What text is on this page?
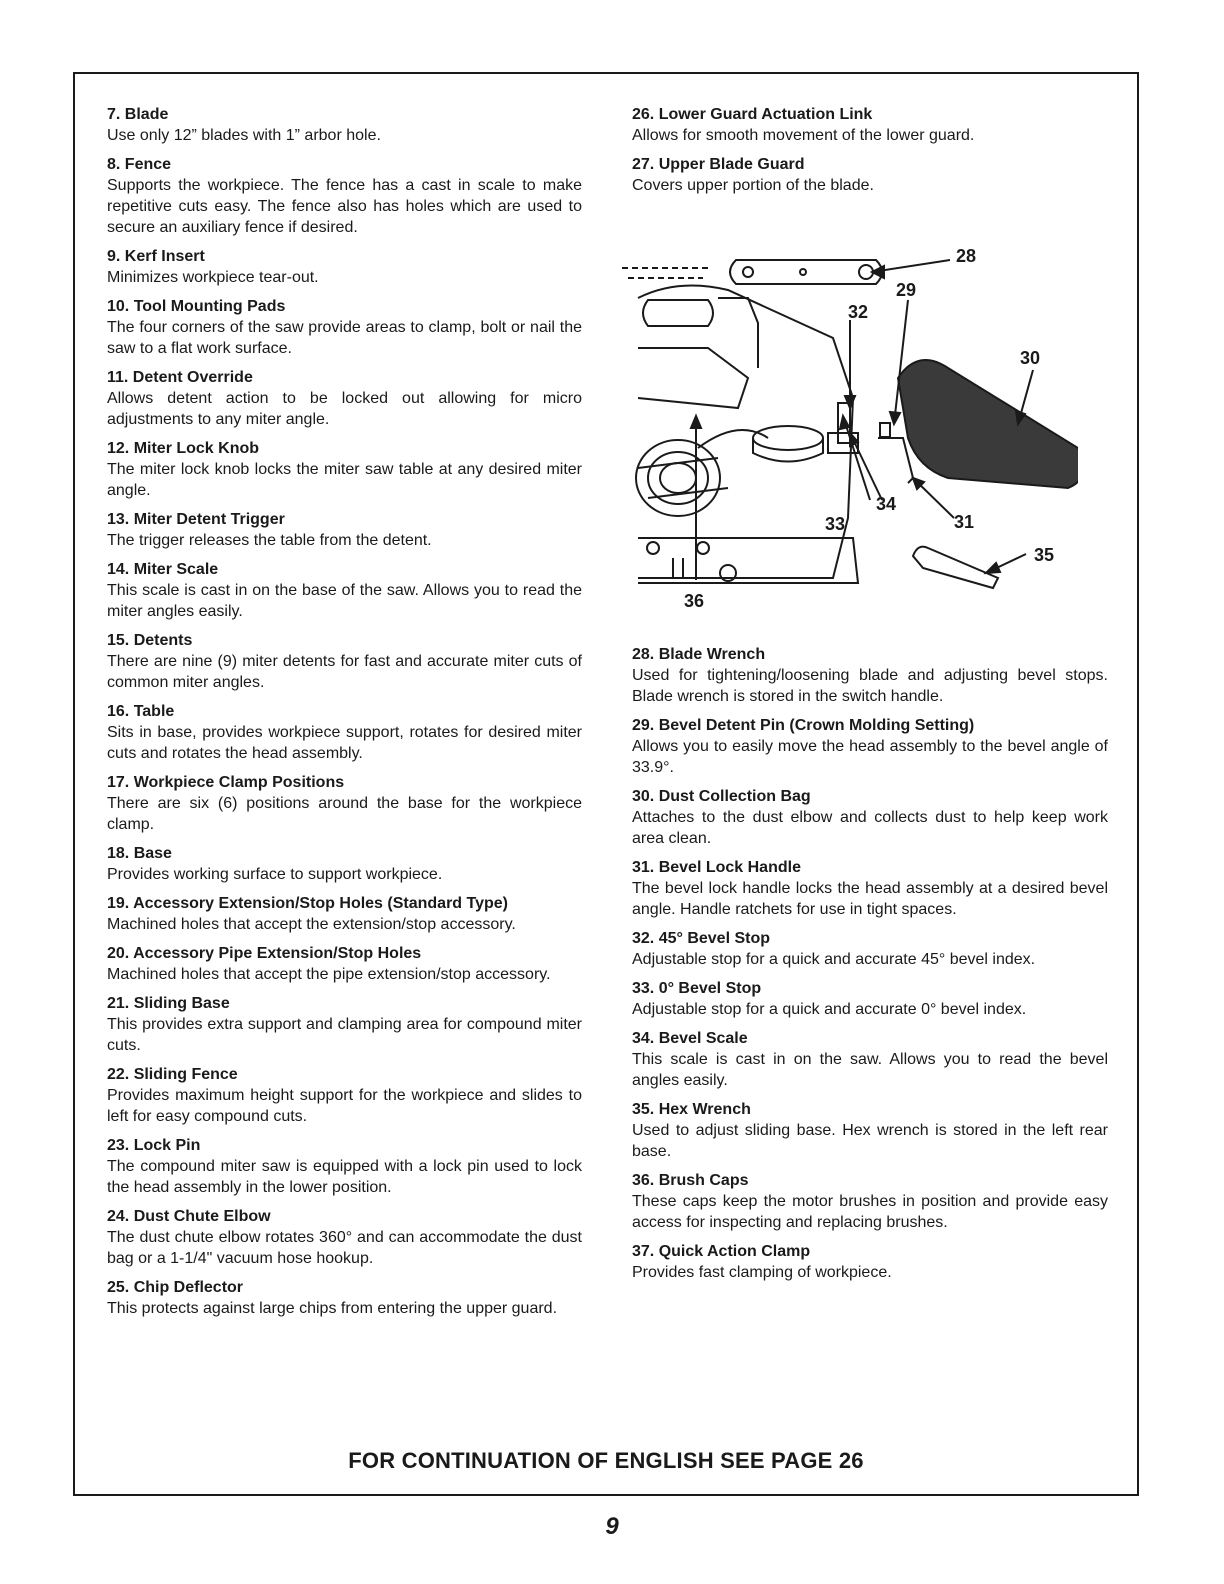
7. Blade

Use only 12” blades with 1” arbor hole.

8. Fence

Supports the workpiece. The fence has a cast in scale to make repetitive cuts easy. The fence also has holes which are used to secure an auxiliary fence if desired.

9. Kerf Insert

Minimizes workpiece tear-out.

10. Tool Mounting Pads

The four corners of the saw provide areas to clamp, bolt or nail the saw to a flat work surface.

11. Detent Override

Allows detent action to be locked out allowing for micro adjustments to any miter angle.

12. Miter Lock Knob

The miter lock knob locks the miter saw table at any desired miter angle.

13. Miter Detent Trigger

The trigger releases the table from the detent.

14. Miter Scale

This scale is cast in on the base of the saw. Allows you to read the miter angles easily.

15. Detents

There are nine (9) miter detents for fast and accurate miter cuts of common miter angles.

16. Table

Sits in base, provides workpiece support, rotates for desired miter cuts and rotates the head assembly.

17. Workpiece Clamp Positions

There are six (6) positions around the base for the workpiece clamp.

18. Base

Provides working surface to support workpiece.

19. Accessory Extension/Stop Holes (Standard Type)

Machined holes that accept the extension/stop accessory.

20. Accessory Pipe Extension/Stop Holes

Machined holes that accept the pipe extension/stop accessory.

21. Sliding Base

This provides extra support and clamping area for compound miter cuts.

22. Sliding Fence

Provides maximum height support for the workpiece and slides to left for easy compound cuts.

23. Lock Pin

The compound miter saw is equipped with a lock pin used to lock the head assembly in the lower position.

24. Dust Chute Elbow

The dust chute elbow rotates 360° and can accommodate the dust bag or a 1-1/4" vacuum hose hookup.

25. Chip Deflector

This protects against large chips from entering the upper guard.

26. Lower Guard Actuation Link

Allows for smooth movement of the lower guard.

27. Upper Blade Guard

Covers upper portion of the blade.

28
29
30
31
32
33
34
35
36

28. Blade Wrench

Used for tightening/loosening blade and adjusting bevel stops. Blade wrench is stored in the switch handle.

29. Bevel Detent Pin (Crown Molding Setting)

Allows you to easily move the head assembly to the bevel angle of 33.9°.

30. Dust Collection Bag

Attaches to the dust elbow and collects dust to help keep work area clean.

31. Bevel Lock Handle

The bevel lock handle locks the head assembly at a desired bevel angle. Handle ratchets for use in tight spaces.

32. 45° Bevel Stop

Adjustable stop for a quick and accurate 45° bevel index.

33. 0° Bevel Stop

Adjustable stop for a quick and accurate 0° bevel index.

34. Bevel Scale

This scale is cast in on the saw. Allows you to read the bevel angles easily.

35. Hex Wrench

Used to adjust sliding base. Hex wrench is stored in the left rear base.

36. Brush Caps

These caps keep the motor brushes in position and provide easy access for inspecting and replacing brushes.

37. Quick Action Clamp

Provides fast clamping of workpiece.

FOR CONTINUATION OF ENGLISH SEE PAGE 26
9
